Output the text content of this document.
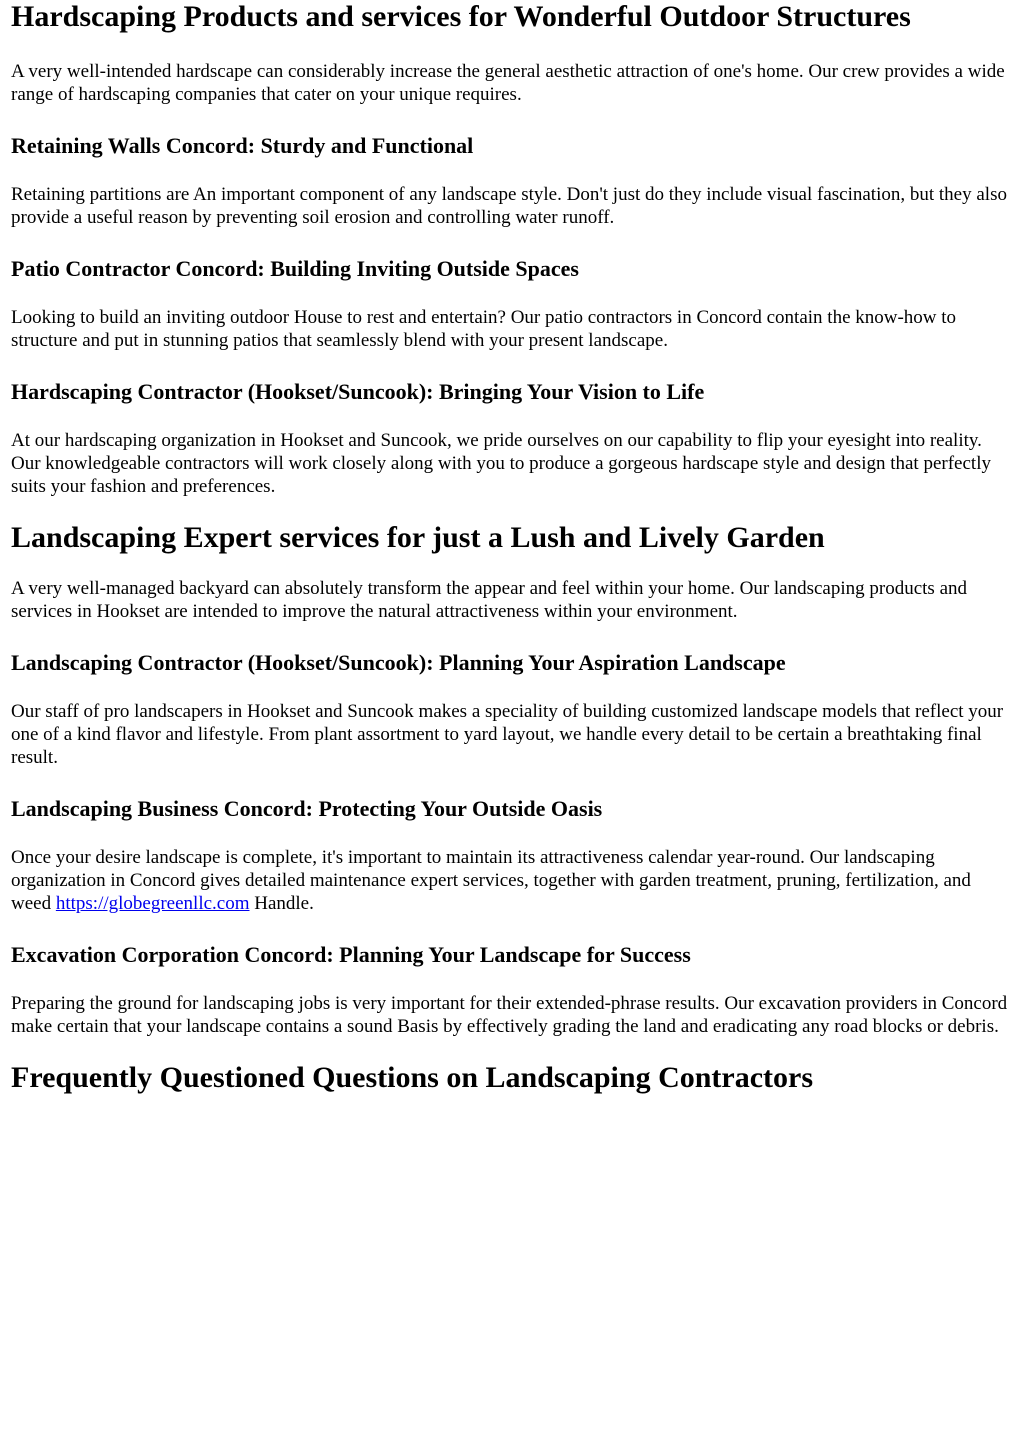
Hardscaping Products and services for Wonderful Outdoor Structures

A very well-intended hardscape can considerably increase the general aesthetic attraction of one's home. Our crew provides a wide range of hardscaping companies that cater on your unique requires.

Retaining Walls Concord: Sturdy and Functional

Retaining partitions are An important component of any landscape style. Don't just do they include visual fascination, but they also provide a useful reason by preventing soil erosion and controlling water runoff.

Patio Contractor Concord: Building Inviting Outside Spaces

Looking to build an inviting outdoor House to rest and entertain? Our patio contractors in Concord contain the know-how to structure and put in stunning patios that seamlessly blend with your present landscape.

Hardscaping Contractor (Hookset/Suncook): Bringing Your Vision to Life

At our hardscaping organization in Hookset and Suncook, we pride ourselves on our capability to flip your eyesight into reality. Our knowledgeable contractors will work closely along with you to produce a gorgeous hardscape style and design that perfectly suits your fashion and preferences.

Landscaping Expert services for just a Lush and Lively Garden

A very well-managed backyard can absolutely transform the appear and feel within your home. Our landscaping products and services in Hookset are intended to improve the natural attractiveness within your environment.

Landscaping Contractor (Hookset/Suncook): Planning Your Aspiration Landscape

Our staff of pro landscapers in Hookset and Suncook makes a speciality of building customized landscape models that reflect your one of a kind flavor and lifestyle. From plant assortment to yard layout, we handle every detail to be certain a breathtaking final result.

Landscaping Business Concord: Protecting Your Outside Oasis

Once your desire landscape is complete, it's important to maintain its attractiveness calendar year-round. Our landscaping organization in Concord gives detailed maintenance expert services, together with garden treatment, pruning, fertilization, and weed https://globegreenllc.com Handle.

Excavation Corporation Concord: Planning Your Landscape for Success

Preparing the ground for landscaping jobs is very important for their extended-phrase results. Our excavation providers in Concord make certain that your landscape contains a sound Basis by effectively grading the land and eradicating any road blocks or debris.

Frequently Questioned Questions on Landscaping Contractors
